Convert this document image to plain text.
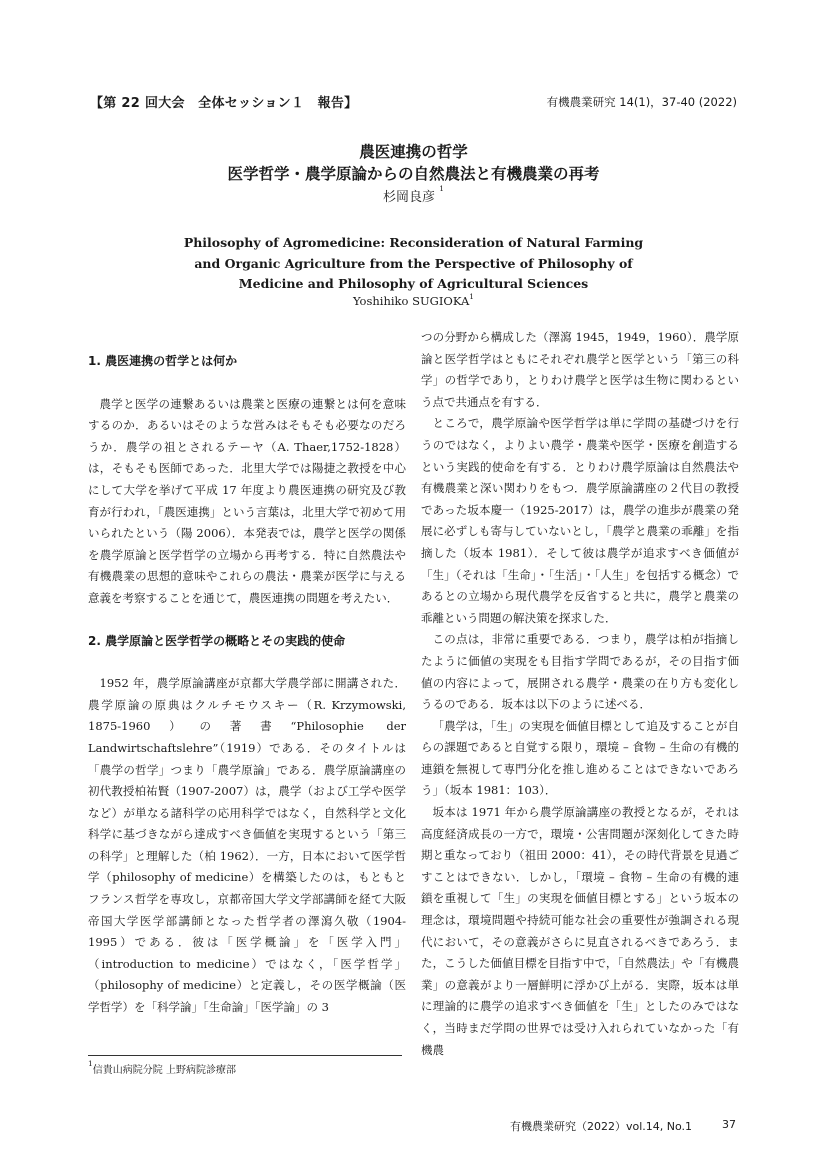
【第 22 回大会　全体セッション１　報告】	有機農業研究 14(1)，37-40 (2022)
農医連携の哲学
医学哲学・農学原論からの自然農法と有機農業の再考
杉岡良彦 $^1$
Philosophy of Agromedicine: Reconsideration of Natural Farming
and Organic Agriculture from the Perspective of Philosophy of
Medicine and Philosophy of Agricultural Sciences
Yoshihiko SUGIOKA$^1$
1. 農医連携の哲学とは何か

農学と医学の連繋あるいは農業と医療の連繋とは何を意味するのか．あるいはそのような営みはそもそも必要なのだろうか．農学の祖とされるテーヤ（A. Thaer,1752-1828）は，そもそも医師であった．北里大学では陽捷之教授を中心にして大学を挙げて平成 17 年度より農医連携の研究及び教育が行われ，「農医連携」という言葉は，北里大学で初めて用いられたという（陽 2006）．本発表では，農学と医学の関係を農学原論と医学哲学の立場から再考する．特に自然農法や有機農業の思想的意味やこれらの農法・農業が医学に与える意義を考察することを通じて，農医連携の問題を考えたい．

2. 農学原論と医学哲学の概略とその実践的使命

1952 年，農学原論講座が京都大学農学部に開講された．農学原論の原典はクルチモウスキー（R. Krzymowski, 1875-1960）の著書“Philosophie der Landwirtschaftslehre”（1919）である．そのタイトルは「農学の哲学」つまり「農学原論」である．農学原論講座の初代教授柏祐賢（1907-2007）は，農学（および工学や医学など）が単なる諸科学の応用科学ではなく，自然科学と文化科学に基づきながら達成すべき価値を実現するという「第三の科学」と理解した（柏 1962）．一方，日本において医学哲学（philosophy of medicine）を構築したのは，もともとフランス哲学を専攻し，京都帝国大学文学部講師を経て大阪帝国大学医学部講師となった哲学者の澤瀉久敬（1904-1995）である．彼は「医学概論」を「医学入門」（introduction to medicine）ではなく，「医学哲学」（philosophy of medicine）と定義し，その医学概論（医学哲学）を「科学論」「生命論」「医学論」の 3

つの分野から構成した（澤瀉 1945，1949，1960）．農学原論と医学哲学はともにそれぞれ農学と医学という「第三の科学」の哲学であり，とりわけ農学と医学は生物に関わるという点で共通点を有する．

ところで，農学原論や医学哲学は単に学問の基礎づけを行うのではなく，よりよい農学・農業や医学・医療を創造するという実践的使命を有する．とりわけ農学原論は自然農法や有機農業と深い関わりをもつ．農学原論講座の２代目の教授であった坂本慶一（1925-2017）は，農学の進歩が農業の発展に必ずしも寄与していないとし，「農学と農業の乖離」を指摘した（坂本 1981）．そして彼は農学が追求すべき価値が「生」（それは「生命」・「生活」・「人生」を包括する概念）であるとの立場から現代農学を反省すると共に，農学と農業の乖離という問題の解決策を探求した．

この点は，非常に重要である．つまり，農学は柏が指摘したように価値の実現をも目指す学問であるが，その目指す価値の内容によって，展開される農学・農業の在り方も変化しうるのである．坂本は以下のように述べる．

「農学は，「生」の実現を価値目標として追及することが自らの課題であると自覚する限り，環境 – 食物 – 生命の有機的連鎖を無視して専門分化を推し進めることはできないであろう」（坂本 1981：103）．

坂本は 1971 年から農学原論講座の教授となるが，それは高度経済成長の一方で，環境・公害問題が深刻化してきた時期と重なっており（祖田 2000：41），その時代背景を見過ごすことはできない．しかし，「環境 – 食物 – 生命の有機的連鎖を重視して「生」の実現を価値目標とする」という坂本の理念は，環境問題や持続可能な社会の重要性が強調される現代において，その意義がさらに見直されるべきであろう．また，こうした価値目標を目指す中で，「自然農法」や「有機農業」の意義がより一層鮮明に浮かび上がる．実際，坂本は単に理論的に農学の追求すべき価値を「生」としたのみではなく，当時まだ学問の世界では受け入れられていなかった「有機農

$^1$信貴山病院分院 上野病院診療部
有機農業研究（2022）vol.14, No.1	37
